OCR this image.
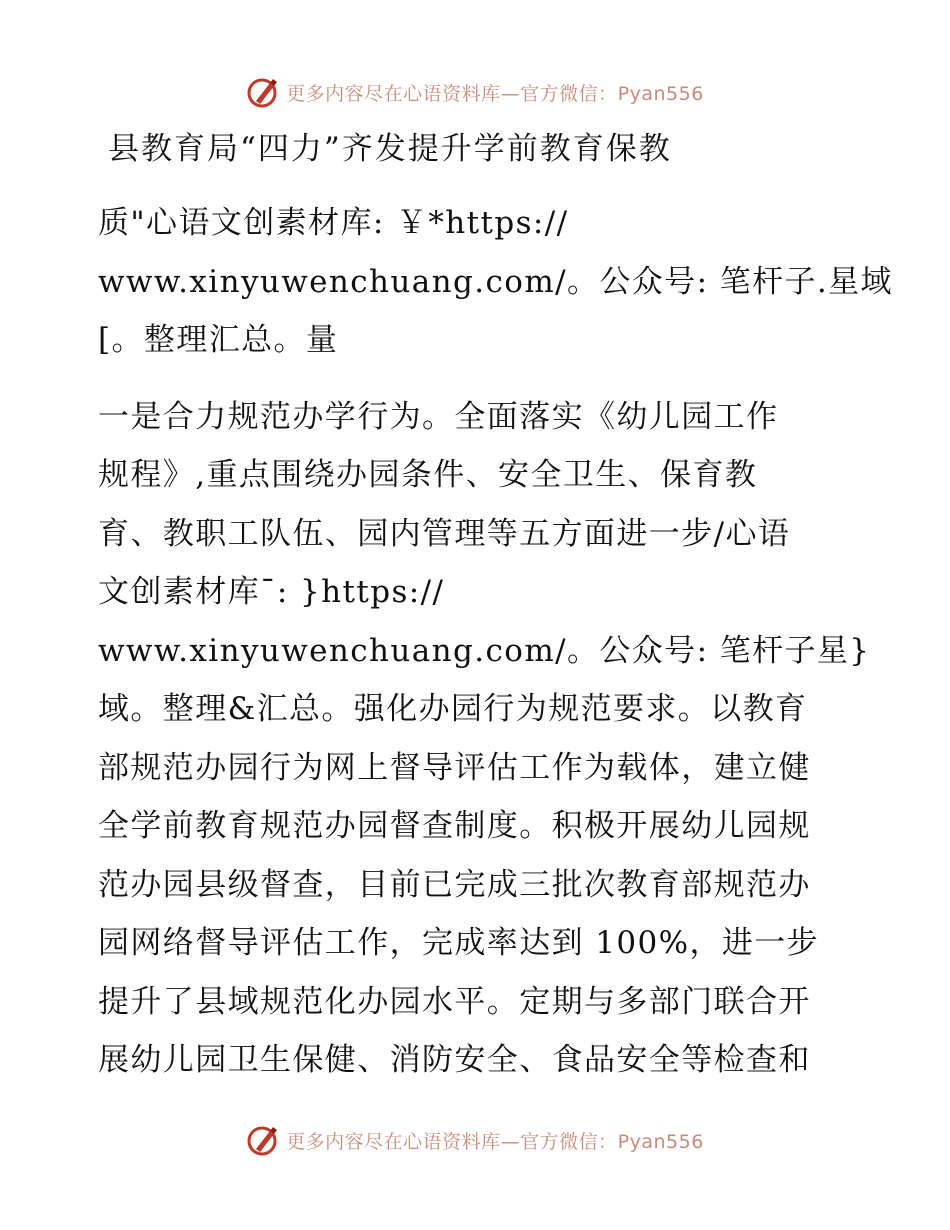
更多内容尽在心语资料库—官方微信：Pyan556
县教育局“四力”齐发提升学前教育保教

质"心语文创素材库: ￥*https://
www.xinyuwenchuang.com/。公众号: 笔杆子.星域
[。整理汇总。量

一是合力规范办学行为。全面落实《幼儿园工作
规程》,重点围绕办园条件、安全卫生、保育教
育、教职工队伍、园内管理等五方面进一步/心语
文创素材库¯: }https://
www.xinyuwenchuang.com/。公众号: 笔杆子星}
域。整理&汇总。强化办园行为规范要求。以教育
部规范办园行为网上督导评估工作为载体，建立健
全学前教育规范办园督查制度。积极开展幼儿园规
范办园县级督查，目前已完成三批次教育部规范办
园网络督导评估工作，完成率达到 100%，进一步
提升了县域规范化办园水平。定期与多部门联合开
展幼儿园卫生保健、消防安全、食品安全等检查和

更多内容尽在心语资料库—官方微信：Pyan556
